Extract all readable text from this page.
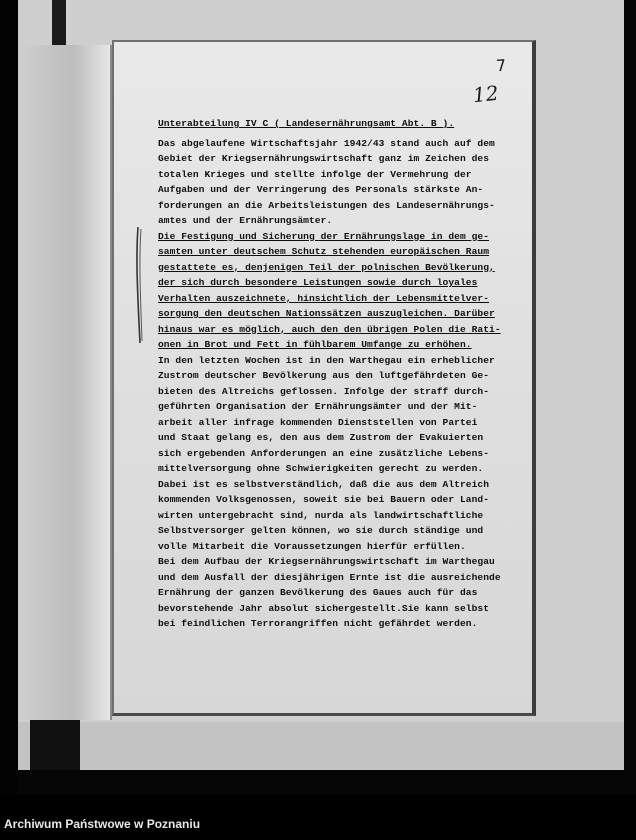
7
12
Unterabteilung IV C ( Landesernährungsamt Abt. B ).
Das abgelaufene Wirtschaftsjahr 1942/43 stand auch auf dem
Gebiet der Kriegsernährungswirtschaft ganz im Zeichen des
totalen Krieges und stellte infolge der Vermehrung der
Aufgaben und der Verringerung des Personals stärkste An-
forderungen an die Arbeitsleistungen des Landesernährungs-
amtes und der Ernährungsämter.
Die Festigung und Sicherung der Ernährungslage in dem ge-
samten unter deutschem Schutz stehenden europäischen Raum
gestattete es, denjenigen Teil der polnischen Bevölkerung,
der sich durch besondere Leistungen sowie durch loyales
Verhalten auszeichnete, hinsichtlich der Lebensmittelver-
sorgung den deutschen Nationssätzen auszugleichen. Darüber
hinaus war es möglich, auch den den übrigen Polen die Rati-
onen in Brot und Fett in fühlbarem Umfange zu erhöhen.
In den letzten Wochen ist in den Warthegau ein erheblicher
Zustrom deutscher Bevölkerung aus den luftgefährdeten Ge-
bieten des Altreichs geflossen. Infolge der straff durch-
geführten Organisation der Ernährungsämter und der Mit-
arbeit aller infrage kommenden Dienststellen von Partei
und Staat gelang es, den aus dem Zustrom der Evakuierten
sich ergebenden Anforderungen an eine zusätzliche Lebens-
mittelversorgung ohne Schwierigkeiten gerecht zu werden.
Dabei ist es selbstverständlich, daß die aus dem Altreich
kommenden Volksgenossen, soweit sie bei Bauern oder Land-
wirten untergebracht sind, nurda als landwirtschaftliche
Selbstversorger gelten können, wo sie durch ständige und
volle Mitarbeit die Voraussetzungen hierfür erfüllen.
Bei dem Aufbau der Kriegsernährungswirtschaft im Warthegau
und dem Ausfall der diesjährigen Ernte ist die ausreichende
Ernährung der ganzen Bevölkerung des Gaues auch für das
bevorstehende Jahr absolut sichergestellt.Sie kann selbst
bei feindlichen Terrorangriffen nicht gefährdet werden.
Archiwum Państwowe w Poznaniu
